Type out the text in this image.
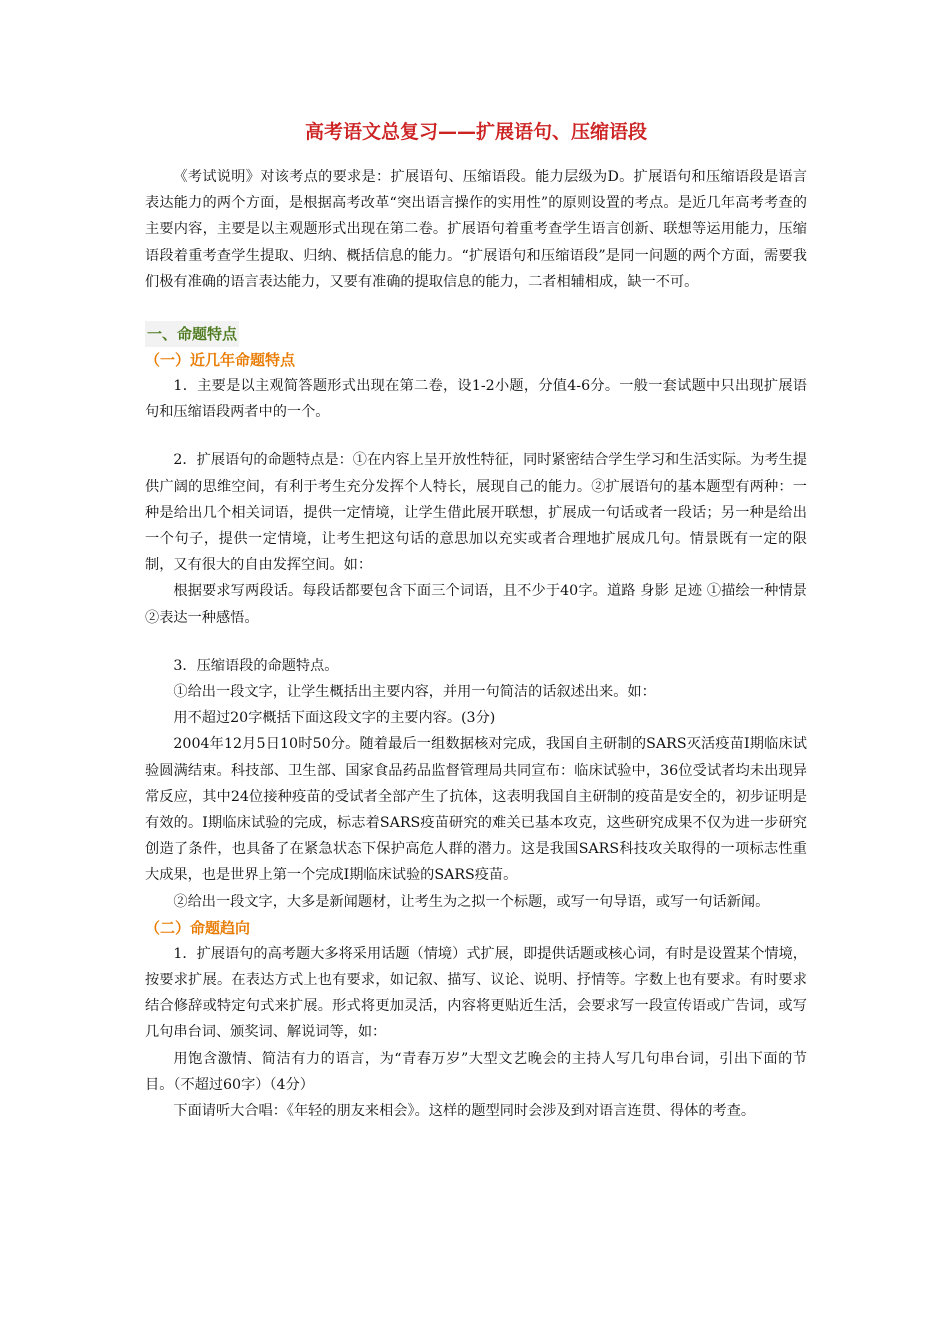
高考语文总复习——扩展语句、压缩语段

《考试说明》对该考点的要求是：扩展语句、压缩语段。能力层级为D。扩展语句和压缩语段是语言表达能力的两个方面，是根据高考改革“突出语言操作的实用性”的原则设置的考点。是近几年高考考查的主要内容，主要是以主观题形式出现在第二卷。扩展语句着重考查学生语言创新、联想等运用能力，压缩语段着重考查学生提取、归纳、概括信息的能力。“扩展语句和压缩语段”是同一问题的两个方面，需要我们极有准确的语言表达能力，又要有准确的提取信息的能力，二者相辅相成，缺一不可。

一、命题特点
（一）近几年命题特点

1．主要是以主观简答题形式出现在第二卷，设1-2小题，分值4-6分。一般一套试题中只出现扩展语句和压缩语段两者中的一个。

2．扩展语句的命题特点是：①在内容上呈开放性特征，同时紧密结合学生学习和生活实际。为考生提供广阔的思维空间，有利于考生充分发挥个人特长，展现自己的能力。②扩展语句的基本题型有两种：一种是给出几个相关词语，提供一定情境，让学生借此展开联想，扩展成一句话或者一段话；另一种是给出一个句子，提供一定情境，让考生把这句话的意思加以充实或者合理地扩展成几句。情景既有一定的限制，又有很大的自由发挥空间。如：

根据要求写两段话。每段话都要包含下面三个词语，且不少于40字。道路 身影 足迹 ①描绘一种情景 ②表达一种感悟。

3．压缩语段的命题特点。

①给出一段文字，让学生概括出主要内容，并用一句简洁的话叙述出来。如：

用不超过20字概括下面这段文字的主要内容。(3分)

2004年12月5日10时50分。随着最后一组数据核对完成，我国自主研制的SARS灭活疫苗Ⅰ期临床试验圆满结束。科技部、卫生部、国家食品药品监督管理局共同宣布：临床试验中，36位受试者均未出现异常反应，其中24位接种疫苗的受试者全部产生了抗体，这表明我国自主研制的疫苗是安全的，初步证明是有效的。Ⅰ期临床试验的完成，标志着SARS疫苗研究的难关已基本攻克，这些研究成果不仅为进一步研究创造了条件，也具备了在紧急状态下保护高危人群的潜力。这是我国SARS科技攻关取得的一项标志性重大成果，也是世界上第一个完成Ⅰ期临床试验的SARS疫苗。

②给出一段文字，大多是新闻题材，让考生为之拟一个标题，或写一句导语，或写一句话新闻。

（二）命题趋向

1．扩展语句的高考题大多将采用话题（情境）式扩展，即提供话题或核心词，有时是设置某个情境，按要求扩展。在表达方式上也有要求，如记叙、描写、议论、说明、抒情等。字数上也有要求。有时要求结合修辞或特定句式来扩展。形式将更加灵活，内容将更贴近生活，会要求写一段宣传语或广告词，或写几句串台词、颁奖词、解说词等，如：

用饱含激情、简洁有力的语言，为“青春万岁”大型文艺晚会的主持人写几句串台词，引出下面的节目。（不超过60字）（4分）

下面请听大合唱：《年轻的朋友来相会》。这样的题型同时会涉及到对语言连贯、得体的考查。
